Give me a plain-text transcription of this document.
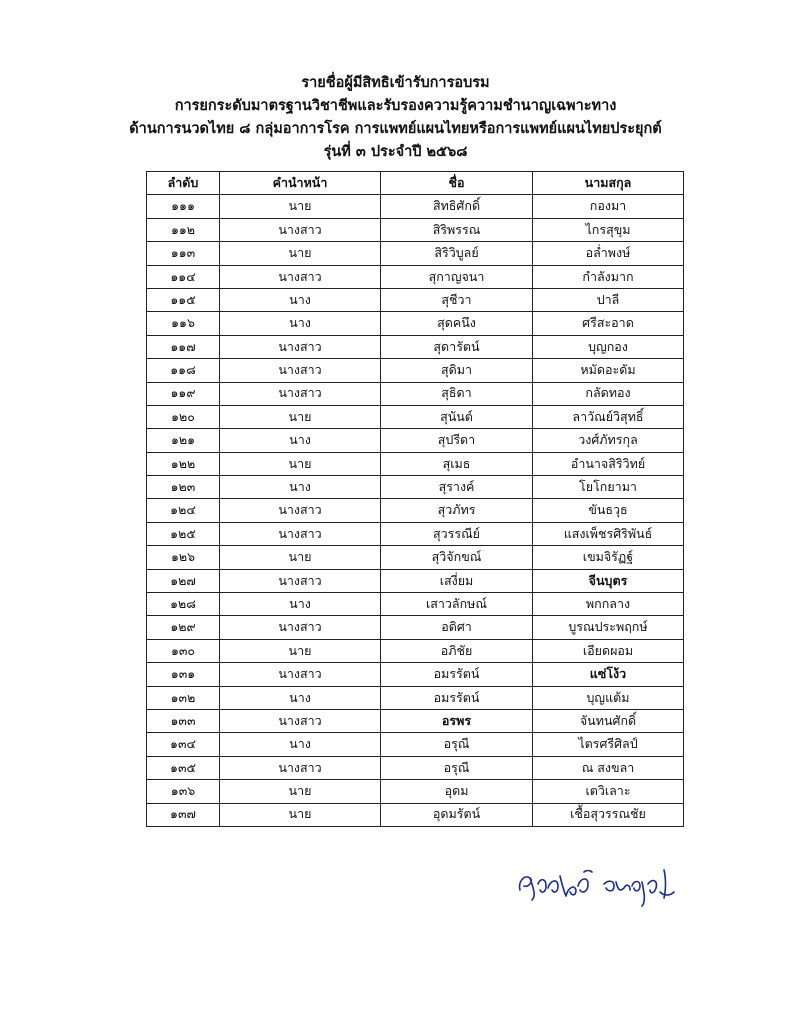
รายชื่อผู้มีสิทธิเข้ารับการอบรม
การยกระดับมาตรฐานวิชาชีพและรับรองความรู้ความชำนาญเฉพาะทาง
ด้านการนวดไทย ๘ กลุ่มอาการโรค การแพทย์แผนไทยหรือการแพทย์แผนไทยประยุกต์
รุ่นที่ ๓ ประจำปี ๒๕๖๘
ลำดับ	คำนำหน้า	ชื่อ	นามสกุล
๑๑๑	นาย	สิทธิศักดิ์	กองมา
๑๑๒	นางสาว	สิริพรรณ	ไกรสุขุม
๑๑๓	นาย	สิริวิบูลย์	อล่ำพงษ์
๑๑๔	นางสาว	สุกาญจนา	กำลังมาก
๑๑๕	นาง	สุชีวา	ปาลี
๑๑๖	นาง	สุดคนึง	ศรีสะอาด
๑๑๗	นางสาว	สุดารัตน์	บุญกอง
๑๑๘	นางสาว	สุดิมา	หมัดอะดัม
๑๑๙	นางสาว	สุธิดา	กลัดทอง
๑๒๐	นาย	สุนันต์	ลาวัณย์วิสุทธิ์
๑๒๑	นาง	สุปรีดา	วงศ์ภัทรกุล
๑๒๒	นาย	สุเมธ	อำนาจสิริวิทย์
๑๒๓	นาง	สุรางค์	โยโกยามา
๑๒๔	นางสาว	สุวภัทร	ขันธวุธ
๑๒๕	นางสาว	สุวรรณีย์	แสงเพ็ชรศิริพันธ์
๑๒๖	นาย	สุวิจักขณ์	เขมจิรัฏฐ์
๑๒๗	นางสาว	เสงี่ยม	จีนบุตร
๑๒๘	นาง	เสาวลักษณ์	พกกลาง
๑๒๙	นางสาว	อดิศา	บูรณประพฤกษ์
๑๓๐	นาย	อภิชัย	เอียดผอม
๑๓๑	นางสาว	อมรรัตน์	แซ่โง้ว
๑๓๒	นาง	อมรรัตน์	บุญแต้ม
๑๓๓	นางสาว	อรพร	จันทนศักดิ์
๑๓๔	นาง	อรุณี	ไตรศรีศิลป์
๑๓๕	นางสาว	อรุณี	ณ สงขลา
๑๓๖	นาย	อุดม	เตวิเลาะ
๑๓๗	นาย	อุดมรัตน์	เชื้อสุวรรณชัย
